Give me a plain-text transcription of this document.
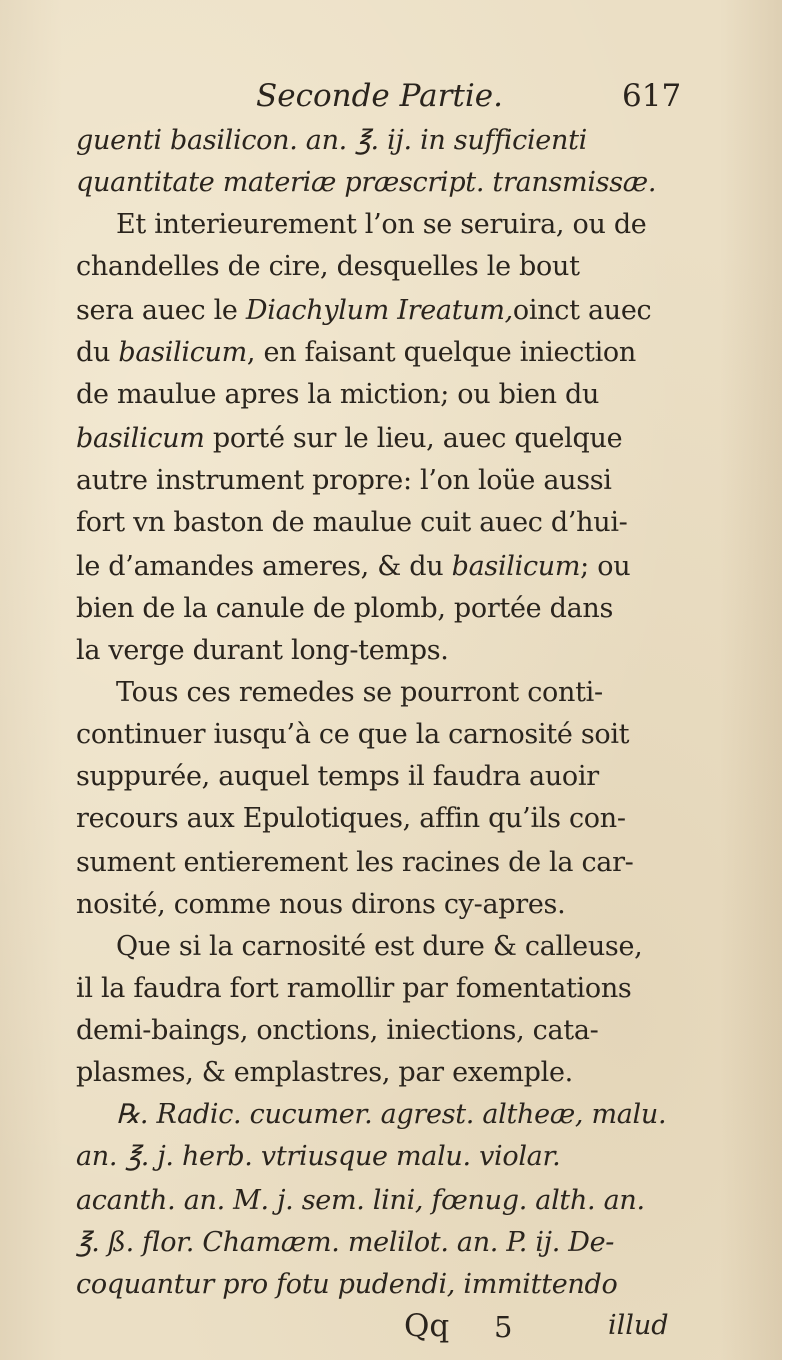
Seconde Partie.	617
guenti basilicon. an. ℥. ij. in sufficienti
quantitate materiæ præscript. transmissæ.
Et interieurement l’on se seruira, ou de
chandelles de cire, desquelles le bout
sera auec le Diachylum Ireatum,oinct auec
du basilicum, en faisant quelque iniection
de maulue apres la miction; ou bien du
basilicum porté sur le lieu, auec quelque
autre instrument propre: l’on loüe aussi
fort vn baston de maulue cuit auec d’hui-
le d’amandes ameres, & du basilicum; ou
bien de la canule de plomb, portée dans
la verge durant long-temps.
Tous ces remedes se pourront conti-
continuer iusqu’à ce que la carnosité soit
suppurée, auquel temps il faudra auoir
recours aux Epulotiques, affin qu’ils con-
sument entierement les racines de la car-
nosité, comme nous dirons cy-apres.
Que si la carnosité est dure & calleuse,
il la faudra fort ramollir par fomentations
demi-baings, onctions, iniections, cata-
plasmes, & emplastres, par exemple.
℞. Radic. cucumer. agrest. altheæ, malu.
an. ℥. j. herb. vtriusque malu. violar.
acanth. an. M. j. sem. lini, fœnug. alth. an.
℥. ß. flor. Chamæm. melilot. an. P. ij. De-
coquantur pro fotu pudendi, immittendo
Qq 5	illud
